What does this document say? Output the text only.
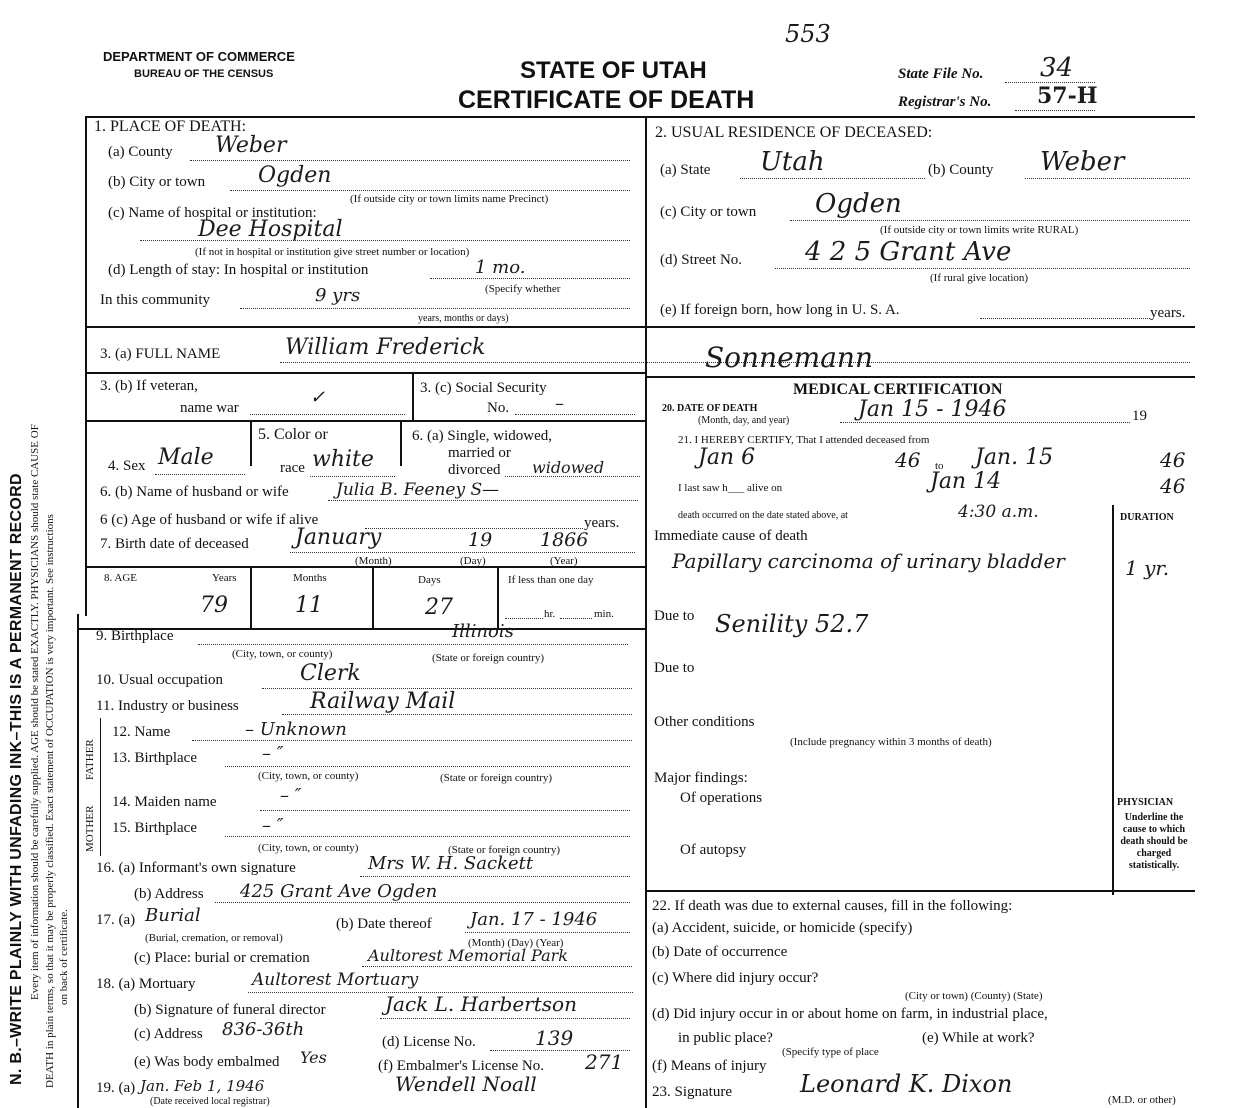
DEPARTMENT OF COMMERCE
BUREAU OF THE CENSUS
553
STATE OF UTAH
CERTIFICATE OF DEATH
State File No. 34
Registrar's No. 57-H
N. B.–WRITE PLAINLY WITH UNFADING INK–THIS IS A PERMANENT RECORD Every item of information should be carefully supplied. AGE should be stated EXACTLY. PHYSICIANS should state CAUSE OF DEATH in plain terms, so that it may be properly classified. Exact statement of OCCUPATION is very important. See instructions on back of certificate.
1. PLACE OF DEATH:
(a) County Weber
(b) City or town Ogden
(If outside city or town limits name Precinct)
(c) Name of hospital or institution:
Dee Hospital
(If not in hospital or institution give street number or location)
(d) Length of stay: In hospital or institution	1 mo.
(Specify whether
In this community	9 yrs
years, months or days)
2. USUAL RESIDENCE OF DECEASED:
(a) State Utah	(b) County Weber
(c) City or town Ogden
(If outside city or town limits write RURAL)
(d) Street No. 4 2 5 Grant Ave
(If rural give location)
(e) If foreign born, how long in U. S. A.	years.
3. (a) FULL NAME	William Frederick	Sonnemann
3. (b) If veteran,
name war	✓	3. (c) Social Security
No.	–
MEDICAL CERTIFICATION
5. Color or	6. (a) Single, widowed,
married or
divorced widowed
4. Sex Male	race white
6. (b) Name of husband or wife	Julia B. Feeney S—
6 (c) Age of husband or wife if alive	years.
7. Birth date of deceased January	19	1866
(Month)	(Day)	(Year)
8. AGE	Years	Months	Days	If less than one day
79	11	27	hr.	min.
9. Birthplace	Illinois
(City, town, or county)	(State or foreign country)
10. Usual occupation	Clerk
11. Industry or business	Railway Mail
FATHER
MOTHER
12. Name	– Unknown
13. Birthplace	– ″
(City, town, or county)	(State or foreign country)
14. Maiden name	– ″
15. Birthplace	– ″
(City, town, or county)	(State or foreign country)
16. (a) Informant's own signature	Mrs W. H. Sackett
(b) Address 425 Grant Ave Ogden
17. (a) Burial
(Burial, cremation, or removal)
(b) Date thereof Jan. 17 - 1946
(Month) (Day) (Year)
(c) Place: burial or cremation	Aultorest Memorial Park
18. (a) Mortuary	Aultorest Mortuary
(b) Signature of funeral director	Jack L. Harbertson
(c) Address 836-36th
(d) License No.	139
(e) Was body embalmed Yes	(f) Embalmer's License No. 271
19. (a) Jan. Feb 1, 1946
(Date received local registrar)
Wendell Noall
20. DATE OF DEATH
(Month, day, and year)	Jan 15 - 1946	19
21. I HEREBY CERTIFY, That I attended deceased from
Jan 6	46 to Jan. 15	46
I last saw h___ alive on	Jan 14	46
death occurred on the date stated above, at	4:30 a.m.	DURATION
Immediate cause of death
Papillary carcinoma of urinary bladder	1 yr.
Due to Senility 52.7
Due to
Other conditions
(Include pregnancy within 3 months of death)
Major findings:
Of operations
Of autopsy
PHYSICIAN
Underline the cause to which death should be charged statistically.
22. If death was due to external causes, fill in the following:
(a) Accident, suicide, or homicide (specify)
(b) Date of occurrence
(c) Where did injury occur?
(City or town) (County) (State)
(d) Did injury occur in or about home on farm, in industrial place,
in public place?
(Specify type of place
(e) While at work?
(f) Means of injury
23. Signature	Leonard K. Dixon
(M.D. or other)
